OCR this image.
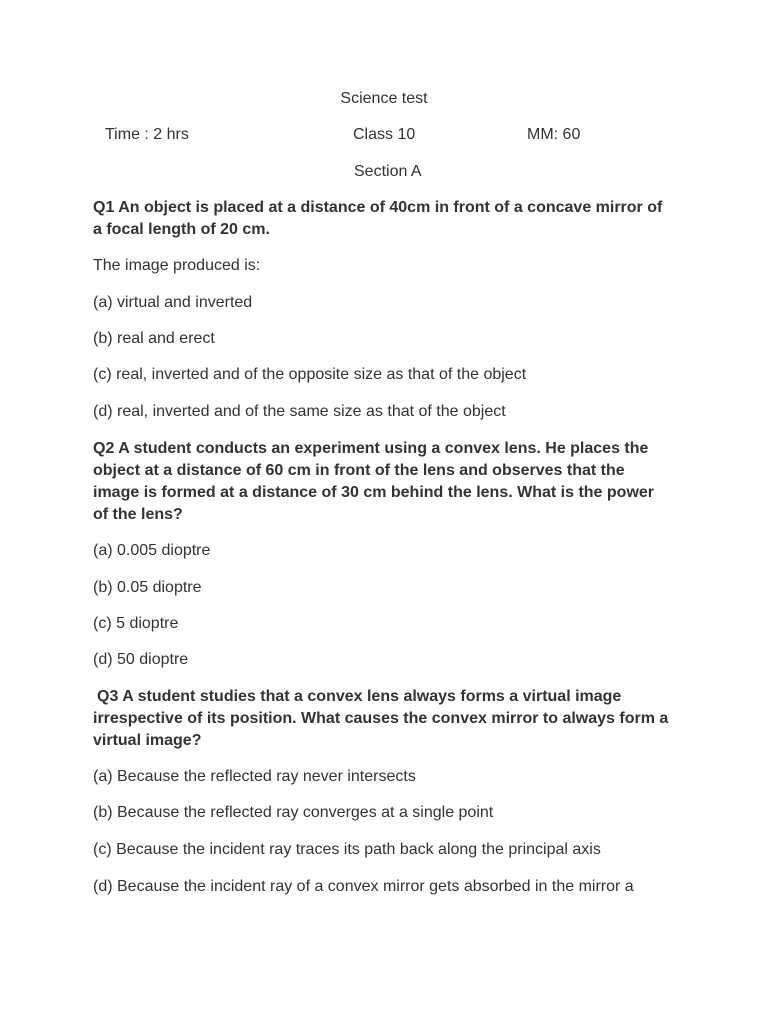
Science test
Time : 2 hrs	Class 10	MM: 60
Section A
Q1 An object is placed at a distance of 40cm in front of a concave mirror of a focal length of 20 cm.
The image produced is:
(a) virtual and inverted
(b) real and erect
(c) real, inverted and of the opposite size as that of the object
(d) real, inverted and of the same size as that of the object
Q2 A student conducts an experiment using a convex lens. He places the object at a distance of 60 cm in front of the lens and observes that the image is formed at a distance of 30 cm behind the lens. What is the power of the lens?
(a) 0.005 dioptre
(b) 0.05 dioptre
(c) 5 dioptre
(d) 50 dioptre
Q3 A student studies that a convex lens always forms a virtual image irrespective of its position. What causes the convex mirror to always form a virtual image?
(a) Because the reflected ray never intersects
(b) Because the reflected ray converges at a single point
(c) Because the incident ray traces its path back along the principal axis
(d) Because the incident ray of a convex mirror gets absorbed in the mirror a
